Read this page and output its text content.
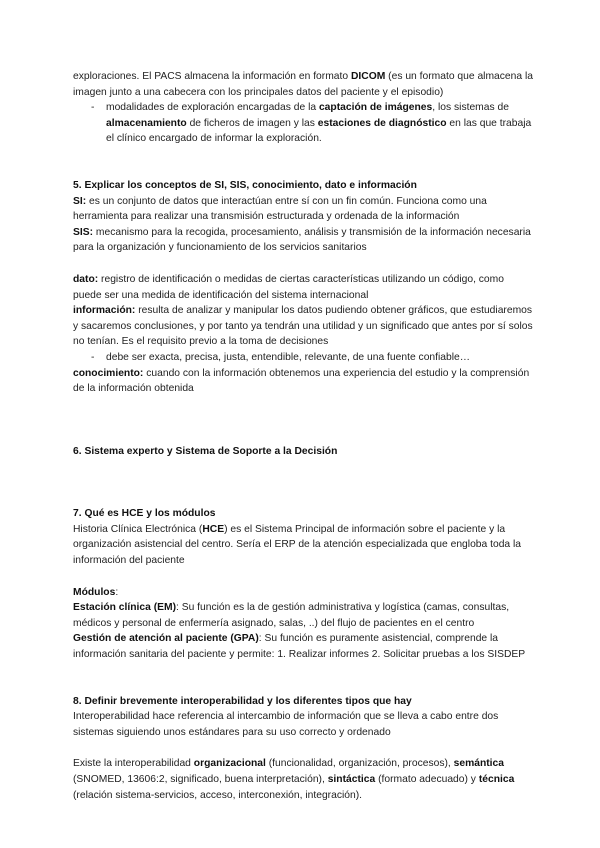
exploraciones. El PACS almacena la información en formato DICOM (es un formato que almacena la imagen junto a una cabecera con los principales datos del paciente y el episodio)

- modalidades de exploración encargadas de la captación de imágenes, los sistemas de almacenamiento de ficheros de imagen y las estaciones de diagnóstico en las que trabaja el clínico encargado de informar la exploración.

5. Explicar los conceptos de SI, SIS, conocimiento, dato e información

SI: es un conjunto de datos que interactúan entre sí con un fin común. Funciona como una herramienta para realizar una transmisión estructurada y ordenada de la información

SIS: mecanismo para la recogida, procesamiento, análisis y transmisión de la información necesaria para la organización y funcionamiento de los servicios sanitarios

dato: registro de identificación o medidas de ciertas características utilizando un código, como puede ser una medida de identificación del sistema internacional

información: resulta de analizar y manipular los datos pudiendo obtener gráficos, que estudiaremos y sacaremos conclusiones, y por tanto ya tendrán una utilidad y un significado que antes por sí solos no tenían. Es el requisito previo a la toma de decisiones

- debe ser exacta, precisa, justa, entendible, relevante, de una fuente confiable…

conocimiento: cuando con la información obtenemos una experiencia del estudio y la comprensión de la información obtenida

6. Sistema experto y Sistema de Soporte a la Decisión

7. Qué es HCE y los módulos

Historia Clínica Electrónica (HCE) es el Sistema Principal de información sobre el paciente y la organización asistencial del centro. Sería el ERP de la atención especializada que engloba toda la información del paciente

Módulos:

Estación clínica (EM): Su función es la de gestión administrativa y logística (camas, consultas, médicos y personal de enfermería asignado, salas, ..) del flujo de pacientes en el centro

Gestión de atención al paciente (GPA): Su función es puramente asistencial, comprende la información sanitaria del paciente y permite: 1. Realizar informes 2. Solicitar pruebas a los SISDEP

8. Definir brevemente interoperabilidad y los diferentes tipos que hay

Interoperabilidad hace referencia al intercambio de información que se lleva a cabo entre dos sistemas siguiendo unos estándares para su uso correcto y ordenado

Existe la interoperabilidad organizacional (funcionalidad, organización, procesos), semántica (SNOMED, 13606:2, significado, buena interpretación), sintáctica (formato adecuado) y técnica (relación sistema-servicios, acceso, interconexión, integración).
